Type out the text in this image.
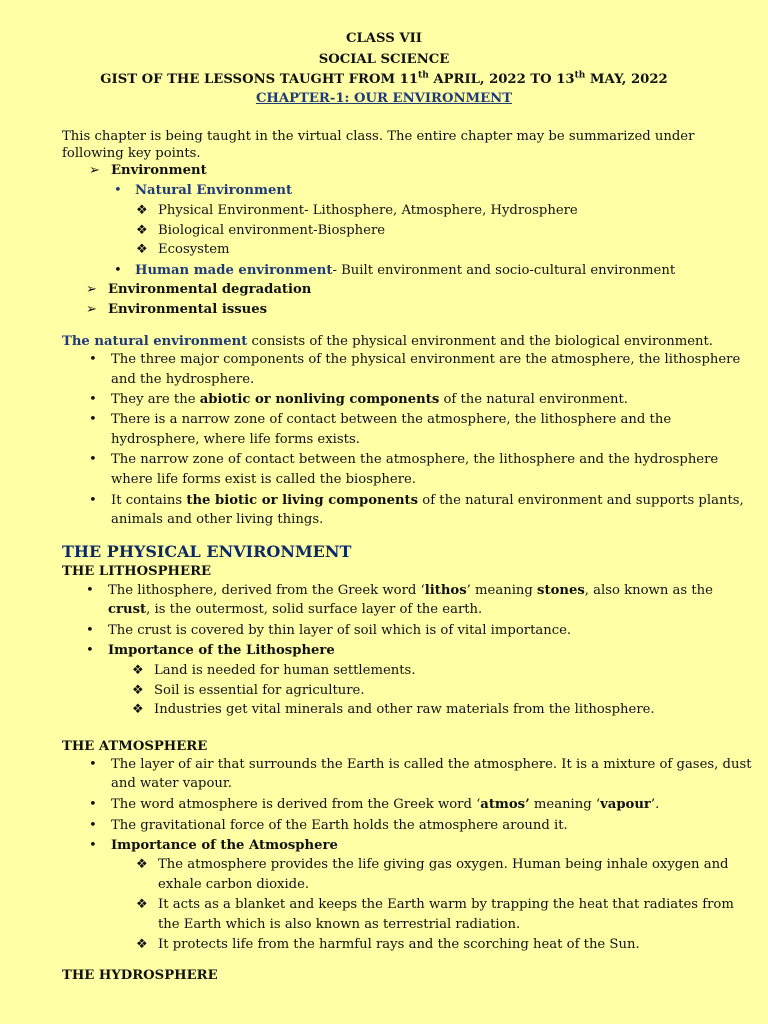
CLASS VII
SOCIAL SCIENCE
GIST OF THE LESSONS TAUGHT FROM 11th APRIL, 2022 TO 13th MAY, 2022
CHAPTER-1: OUR ENVIRONMENT
This chapter is being taught in the virtual class. The entire chapter may be summarized under
following key points.
➢ Environment
• Natural Environment
❖ Physical Environment- Lithosphere, Atmosphere, Hydrosphere
❖ Biological environment-Biosphere
❖ Ecosystem
• Human made environment- Built environment and socio-cultural environment
➢ Environmental degradation
➢ Environmental issues
The natural environment consists of the physical environment and the biological environment.
• The three major components of the physical environment are the atmosphere, the lithosphere
and the hydrosphere.
• They are the abiotic or nonliving components of the natural environment.
• There is a narrow zone of contact between the atmosphere, the lithosphere and the
hydrosphere, where life forms exists.
• The narrow zone of contact between the atmosphere, the lithosphere and the hydrosphere
where life forms exist is called the biosphere.
• It contains the biotic or living components of the natural environment and supports plants,
animals and other living things.
THE PHYSICAL ENVIRONMENT
THE LITHOSPHERE
• The lithosphere, derived from the Greek word ‘lithos’ meaning stones, also known as the
crust, is the outermost, solid surface layer of the earth.
• The crust is covered by thin layer of soil which is of vital importance.
• Importance of the Lithosphere
❖ Land is needed for human settlements.
❖ Soil is essential for agriculture.
❖ Industries get vital minerals and other raw materials from the lithosphere.
THE ATMOSPHERE
• The layer of air that surrounds the Earth is called the atmosphere. It is a mixture of gases, dust
and water vapour.
• The word atmosphere is derived from the Greek word ‘atmos’ meaning ‘vapour’.
• The gravitational force of the Earth holds the atmosphere around it.
• Importance of the Atmosphere
❖ The atmosphere provides the life giving gas oxygen. Human being inhale oxygen and
exhale carbon dioxide.
❖ It acts as a blanket and keeps the Earth warm by trapping the heat that radiates from
the Earth which is also known as terrestrial radiation.
❖ It protects life from the harmful rays and the scorching heat of the Sun.
THE HYDROSPHERE
